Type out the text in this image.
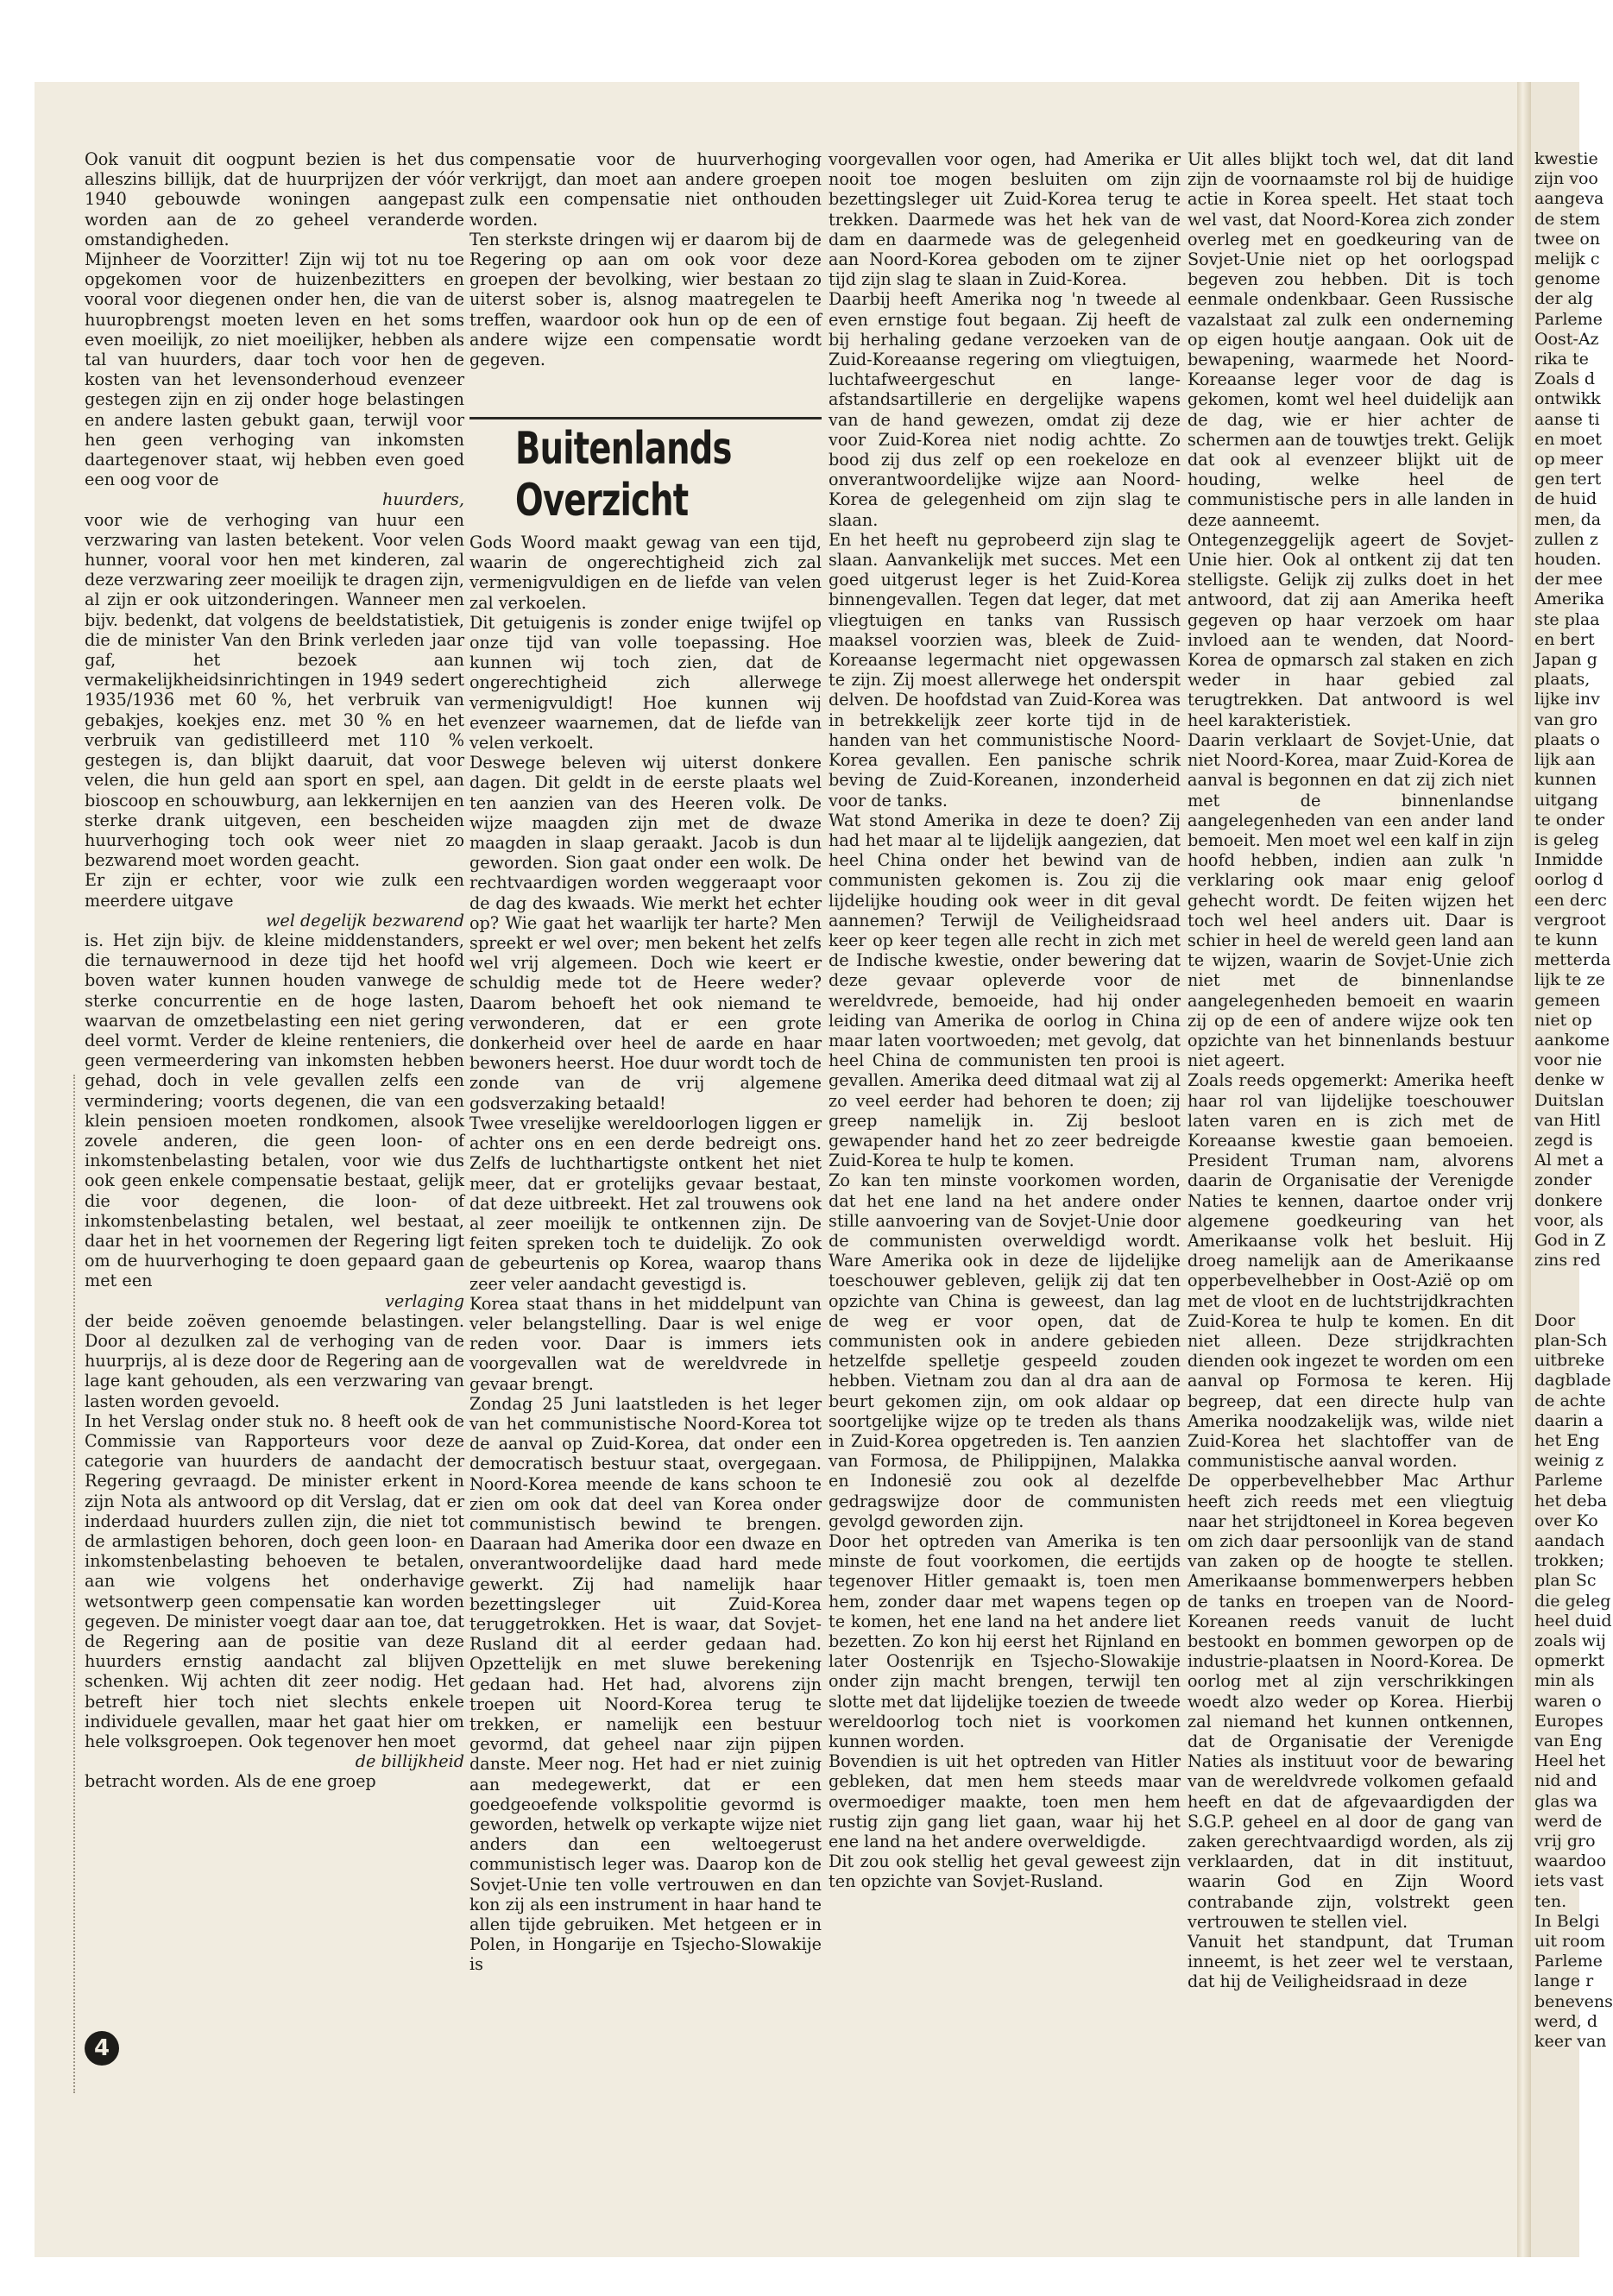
Ook vanuit dit oogpunt bezien is het dus alleszins billijk, dat de huurprijzen der vóór 1940 gebouwde woningen aangepast worden aan de zo geheel veranderde omstandigheden.

Mijnheer de Voorzitter! Zijn wij tot nu toe opgekomen voor de huizenbezitters en vooral voor diegenen onder hen, die van de huuropbrengst moeten leven en het soms even moeilijk, zo niet moeilijker, hebben als tal van huurders, daar toch voor hen de kosten van het levensonderhoud evenzeer gestegen zijn en zij onder hoge belastingen en andere lasten gebukt gaan, terwijl voor hen geen verhoging van inkomsten daartegenover staat, wij hebben even goed een oog voor de

huurders,

voor wie de verhoging van huur een verzwaring van lasten betekent. Voor velen hunner, vooral voor hen met kinderen, zal deze verzwaring zeer moeilijk te dragen zijn, al zijn er ook uitzonderingen. Wanneer men bijv. bedenkt, dat volgens de beeldstatistiek, die de minister Van den Brink verleden jaar gaf, het bezoek aan vermakelijkheidsinrichtingen in 1949 sedert 1935/1936 met 60 %, het verbruik van gebakjes, koekjes enz. met 30 % en het verbruik van gedistilleerd met 110 % gestegen is, dan blijkt daaruit, dat voor velen, die hun geld aan sport en spel, aan bioscoop en schouwburg, aan lekkernijen en sterke drank uitgeven, een bescheiden huurverhoging toch ook weer niet zo bezwarend moet worden geacht.

Er zijn er echter, voor wie zulk een meerdere uitgave

wel degelijk bezwarend

is. Het zijn bijv. de kleine middenstanders, die ternauwernood in deze tijd het hoofd boven water kunnen houden vanwege de sterke concurrentie en de hoge lasten, waarvan de omzetbelasting een niet gering deel vormt. Verder de kleine renteniers, die geen vermeerdering van inkomsten hebben gehad, doch in vele gevallen zelfs een vermindering; voorts degenen, die van een klein pensioen moeten rondkomen, alsook zovele anderen, die geen loon- of inkomstenbelasting betalen, voor wie dus ook geen enkele compensatie bestaat, gelijk die voor degenen, die loon- of inkomstenbelasting betalen, wel bestaat, daar het in het voornemen der Regering ligt om de huurverhoging te doen gepaard gaan met een

verlaging

der beide zoëven genoemde belastingen. Door al dezulken zal de verhoging van de huurprijs, al is deze door de Regering aan de lage kant gehouden, als een verzwaring van lasten worden gevoeld.

In het Verslag onder stuk no. 8 heeft ook de Commissie van Rapporteurs voor deze categorie van huurders de aandacht der Regering gevraagd. De minister erkent in zijn Nota als antwoord op dit Verslag, dat er inderdaad huurders zullen zijn, die niet tot de armlastigen behoren, doch geen loon- en inkomstenbelasting behoeven te betalen, aan wie volgens het onderhavige wetsontwerp geen compensatie kan worden gegeven. De minister voegt daar aan toe, dat de Regering aan de positie van deze huurders ernstig aandacht zal blijven schenken. Wij achten dit zeer nodig. Het betreft hier toch niet slechts enkele individuele gevallen, maar het gaat hier om hele volksgroepen. Ook tegenover hen moet

de billijkheid

betracht worden. Als de ene groep

compensatie voor de huurverhoging verkrijgt, dan moet aan andere groepen zulk een compensatie niet onthouden worden.
Ten sterkste dringen wij er daarom bij de Regering op aan om ook voor deze groepen der bevolking, wier bestaan zo uiterst sober is, alsnog maatregelen te treffen, waardoor ook hun op de een of andere wijze een compensatie wordt gegeven.

Buitenlands Overzicht

Gods Woord maakt gewag van een tijd, waarin de ongerechtigheid zich zal vermenigvuldigen en de liefde van velen zal verkoelen.

Dit getuigenis is zonder enige twijfel op onze tijd van volle toepassing. Hoe kunnen wij toch zien, dat de ongerechtigheid zich allerwege vermenigvuldigt! Hoe kunnen wij evenzeer waarnemen, dat de liefde van velen verkoelt.

Deswege beleven wij uiterst donkere dagen. Dit geldt in de eerste plaats wel ten aanzien van des Heeren volk. De wijze maagden zijn met de dwaze maagden in slaap geraakt. Jacob is dun geworden. Sion gaat onder een wolk. De rechtvaardigen worden weggeraapt voor de dag des kwaads. Wie merkt het echter op? Wie gaat het waarlijk ter harte? Men spreekt er wel over; men bekent het zelfs wel vrij algemeen. Doch wie keert er schuldig mede tot de Heere weder? Daarom behoeft het ook niemand te verwonderen, dat er een grote donkerheid over heel de aarde en haar bewoners heerst. Hoe duur wordt toch de zonde van de vrij algemene godsverzaking betaald!

Twee vreselijke wereldoorlogen liggen er achter ons en een derde bedreigt ons. Zelfs de luchthartigste ontkent het niet meer, dat er grotelijks gevaar bestaat, dat deze uitbreekt. Het zal trouwens ook al zeer moeilijk te ontkennen zijn. De feiten spreken toch te duidelijk. Zo ook de gebeurtenis op Korea, waarop thans zeer veler aandacht gevestigd is.

Korea staat thans in het middelpunt van veler belangstelling. Daar is wel enige reden voor. Daar is immers iets voorgevallen wat de wereldvrede in gevaar brengt.

Zondag 25 Juni laatstleden is het leger van het communistische Noord-Korea tot de aanval op Zuid-Korea, dat onder een democratisch bestuur staat, overgegaan. Noord-Korea meende de kans schoon te zien om ook dat deel van Korea onder communistisch bewind te brengen. Daaraan had Amerika door een dwaze en onverantwoordelijke daad hard mede gewerkt. Zij had namelijk haar bezettingsleger uit Zuid-Korea teruggetrokken. Het is waar, dat Sovjet-Rusland dit al eerder gedaan had. Opzettelijk en met sluwe berekening gedaan had. Het had, alvorens zijn troepen uit Noord-Korea terug te trekken, er namelijk een bestuur gevormd, dat geheel naar zijn pijpen danste. Meer nog. Het had er niet zuinig aan medegewerkt, dat er een goedgeoefende volkspolitie gevormd is geworden, hetwelk op verkapte wijze niet anders dan een weltoegerust communistisch leger was. Daarop kon de Sovjet-Unie ten volle vertrouwen en dan kon zij als een instrument in haar hand te allen tijde gebruiken. Met hetgeen er in Polen, in Hongarije en Tsjecho-Slowakije is

voorgevallen voor ogen, had Amerika er nooit toe mogen besluiten om zijn bezettingsleger uit Zuid-Korea terug te trekken. Daarmede was het hek van de dam en daarmede was de gelegenheid aan Noord-Korea geboden om te zijner tijd zijn slag te slaan in Zuid-Korea.

Daarbij heeft Amerika nog 'n tweede al even ernstige fout begaan. Zij heeft de bij herhaling gedane verzoeken van de Zuid-Koreaanse regering om vliegtuigen, luchtafweergeschut en lange-afstandsartillerie en dergelijke wapens van de hand gewezen, omdat zij deze voor Zuid-Korea niet nodig achtte. Zo bood zij dus zelf op een roekeloze en onverantwoordelijke wijze aan Noord-Korea de gelegenheid om zijn slag te slaan.

En het heeft nu geprobeerd zijn slag te slaan. Aanvankelijk met succes. Met een goed uitgerust leger is het Zuid-Korea binnengevallen. Tegen dat leger, dat met vliegtuigen en tanks van Russisch maaksel voorzien was, bleek de Zuid-Koreaanse legermacht niet opgewassen te zijn. Zij moest allerwege het onderspit delven. De hoofdstad van Zuid-Korea was in betrekkelijk zeer korte tijd in de handen van het communistische Noord-Korea gevallen. Een panische schrik beving de Zuid-Koreanen, inzonderheid voor de tanks.

Wat stond Amerika in deze te doen? Zij had het maar al te lijdelijk aangezien, dat heel China onder het bewind van de communisten gekomen is. Zou zij die lijdelijke houding ook weer in dit geval aannemen? Terwijl de Veiligheidsraad keer op keer tegen alle recht in zich met de Indische kwestie, onder bewering dat deze gevaar opleverde voor de wereldvrede, bemoeide, had hij onder leiding van Amerika de oorlog in China maar laten voortwoeden; met gevolg, dat heel China de communisten ten prooi is gevallen. Amerika deed ditmaal wat zij al zo veel eerder had behoren te doen; zij greep namelijk in. Zij besloot gewapender hand het zo zeer bedreigde Zuid-Korea te hulp te komen.

Zo kan ten minste voorkomen worden, dat het ene land na het andere onder stille aanvoering van de Sovjet-Unie door de communisten overweldigd wordt. Ware Amerika ook in deze de lijdelijke toeschouwer gebleven, gelijk zij dat ten opzichte van China is geweest, dan lag de weg er voor open, dat de communisten ook in andere gebieden hetzelfde spelletje gespeeld zouden hebben. Vietnam zou dan al dra aan de beurt gekomen zijn, om ook aldaar op soortgelijke wijze op te treden als thans in Zuid-Korea opgetreden is. Ten aanzien van Formosa, de Philippijnen, Malakka en Indonesië zou ook al dezelfde gedragswijze door de communisten gevolgd geworden zijn.

Door het optreden van Amerika is ten minste de fout voorkomen, die eertijds tegenover Hitler gemaakt is, toen men hem, zonder daar met wapens tegen op te komen, het ene land na het andere liet bezetten. Zo kon hij eerst het Rijnland en later Oostenrijk en Tsjecho-Slowakije onder zijn macht brengen, terwijl ten slotte met dat lijdelijke toezien de tweede wereldoorlog toch niet is voorkomen kunnen worden.

Bovendien is uit het optreden van Hitler gebleken, dat men hem steeds maar overmoediger maakte, toen men hem rustig zijn gang liet gaan, waar hij het ene land na het andere overweldigde.

Dit zou ook stellig het geval geweest zijn ten opzichte van Sovjet-Rusland.

Uit alles blijkt toch wel, dat dit land zijn de voornaamste rol bij de huidige actie in Korea speelt. Het staat toch wel vast, dat Noord-Korea zich zonder overleg met en goedkeuring van de Sovjet-Unie niet op het oorlogspad begeven zou hebben. Dit is toch eenmale ondenkbaar. Geen Russische vazalstaat zal zulk een onderneming op eigen houtje aangaan. Ook uit de bewapening, waarmede het Noord-Koreaanse leger voor de dag is gekomen, komt wel heel duidelijk aan de dag, wie er hier achter de schermen aan de touwtjes trekt. Gelijk dat ook al evenzeer blijkt uit de houding, welke heel de communistische pers in alle landen in deze aanneemt.

Ontegenzeggelijk ageert de Sovjet-Unie hier. Ook al ontkent zij dat ten stelligste. Gelijk zij zulks doet in het antwoord, dat zij aan Amerika heeft gegeven op haar verzoek om haar invloed aan te wenden, dat Noord-Korea de opmarsch zal staken en zich weder in haar gebied zal terugtrekken. Dat antwoord is wel heel karakteristiek.

Daarin verklaart de Sovjet-Unie, dat niet Noord-Korea, maar Zuid-Korea de aanval is begonnen en dat zij zich niet met de binnenlandse aangelegenheden van een ander land bemoeit. Men moet wel een kalf in zijn hoofd hebben, indien aan zulk 'n verklaring ook maar enig geloof gehecht wordt. De feiten wijzen het toch wel heel anders uit. Daar is schier in heel de wereld geen land aan te wijzen, waarin de Sovjet-Unie zich niet met de binnenlandse aangelegenheden bemoeit en waarin zij op de een of andere wijze ook ten opzichte van het binnenlands bestuur niet ageert.

Zoals reeds opgemerkt: Amerika heeft haar rol van lijdelijke toeschouwer laten varen en is zich met de Koreaanse kwestie gaan bemoeien. President Truman nam, alvorens daarin de Organisatie der Verenigde Naties te kennen, daartoe onder vrij algemene goedkeuring van het Amerikaanse volk het besluit. Hij droeg namelijk aan de Amerikaanse opperbevelhebber in Oost-Azië op om met de vloot en de luchtstrijdkrachten Zuid-Korea te hulp te komen. En dit niet alleen. Deze strijdkrachten dienden ook ingezet te worden om een aanval op Formosa te keren. Hij begreep, dat een directe hulp van Amerika noodzakelijk was, wilde niet Zuid-Korea het slachtoffer van de communistische aanval worden.

De opperbevelhebber Mac Arthur heeft zich reeds met een vliegtuig naar het strijdtoneel in Korea begeven om zich daar persoonlijk van de stand van zaken op de hoogte te stellen. Amerikaanse bommenwerpers hebben de tanks en troepen van de Noord-Koreanen reeds vanuit de lucht bestookt en bommen geworpen op de industrie-plaatsen in Noord-Korea. De oorlog met al zijn verschrikkingen woedt alzo weder op Korea. Hierbij zal niemand het kunnen ontkennen, dat de Organisatie der Verenigde Naties als instituut voor de bewaring van de wereldvrede volkomen gefaald heeft en dat de afgevaardigden der S.G.P. geheel en al door de gang van zaken gerechtvaardigd worden, als zij verklaarden, dat in dit instituut, waarin God en Zijn Woord contrabande zijn, volstrekt geen vertrouwen te stellen viel.

Vanuit het standpunt, dat Truman inneemt, is het zeer wel te verstaan, dat hij de Veiligheidsraad in deze

kwestie

zijn voo

aangeva

de stem

twee on

melijk c

genome

der alg

Parleme

Oost-Az

rika te

Zoals d

ontwikk

aanse ti

en moet

op meer

gen tert

de huid

men, da

zullen z

houden.

der mee

Amerika

ste plaa

en bert

Japan g

plaats,

lijke inv

van gro

plaats o

lijk aan

kunnen

uitgang

te onder

is geleg

Inmidde

oorlog d

een derc

vergroot

te kunn

metterda

lijk te ze

gemeen

niet op

aankome

voor nie

denke w

Duitslan

van Hitl

zegd is

Al met a

zonder

donkere

voor, als

God in Z

zins red

Door

plan-Sch

uitbreke

dagblade

de achte

daarin a

het Eng

weinig z

Parleme

het deba

over Ko

aandach

trokken;

plan Sc

die geleg

heel duid

zoals wij

opmerkt

min als

waren o

Europes

van Eng

Heel het

nid and

glas wa

werd de

vrij gro

waardoo

iets vast

ten.

In Belgi

uit room

Parleme

lange r

benevens

werd, d

keer van

4
